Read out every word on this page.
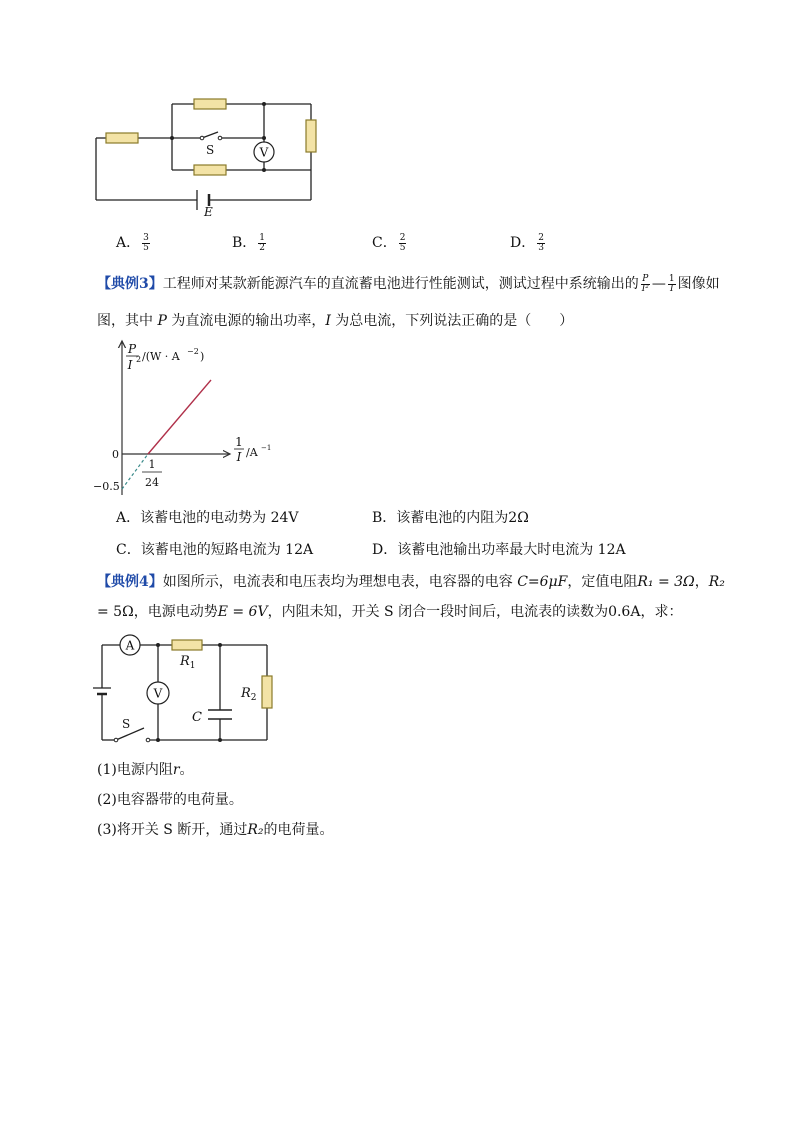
V
S
E
A． $\frac{3}{5}$	B． $\frac{1}{2}$	C． $\frac{2}{5}$	D． $\frac{2}{3}$
【典例3】工程师对某款新能源汽车的直流蓄电池进行性能测试，测试过程中系统输出的 $\frac{P}{\text{I²}}$ — $\frac{1}{I}$ 图像如
图，其中 P 为直流电源的输出功率，I 为总电流，下列说法正确的是（　　）
P
I 2 /(W · A −2 )
1
I /A −1
0
−0.5
1
24
A．该蓄电池的电动势为 24V	B．该蓄电池的内阻为2Ω
C．该蓄电池的短路电流为 12A	D．该蓄电池输出功率最大时电流为 12A
【典例4】如图所示，电流表和电压表均为理想电表，电容器的电容 C=6μF，定值电阻R₁ = 3Ω，R₂
= 5Ω，电源电动势E = 6V，内阻未知，开关 S 闭合一段时间后，电流表的读数为0.6A，求：
A
V
$R_1$
$R_2$
C
S
(1)电源内阻r。
(2)电容器带的电荷量。
(3)将开关 S 断开，通过R₂的电荷量。
